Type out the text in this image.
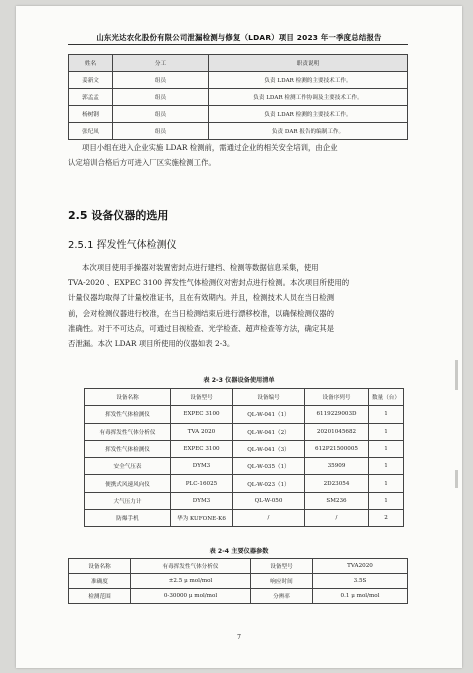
山东光达农化股份有限公司泄漏检测与修复（LDAR）项目 2023 年一季度总结报告
姓名	分工	职责说明
姜新文	组员	负责 LDAR 检测的主要技术工作。
郭孟孟	组员	负责 LDAR 检测工作协调及主要技术工作。
杨树钢	组员	负责 LDAR 检测的主要技术工作。
张纪凤	组员	负责 DAR 报告的编制工作。
项目小组在进入企业实施 LDAR 检测前，需通过企业的相关安全培训，由企业
认定培训合格后方可进入厂区实施检测工作。
2.5 设备仪器的选用
2.5.1 挥发性气体检测仪
本次项目使用手操器对装置密封点进行建档、检测等数据信息采集，使用
TVA-2020 、EXPEC 3100 挥发性气体检测仪对密封点进行检测。本次项目所使用的
计量仪器均取得了计量校准证书，且在有效期内。并且，检测技术人员在当日检测
前，会对检测仪器进行校准，在当日检测结束后进行漂移校准，以确保检测仪器的
准确性。对于不可达点，可通过目视检查、光学检查、超声检查等方法，确定其是
否泄漏。本次 LDAR 项目所使用的仪器如表 2-3。
表 2-3 仪器设备使用清单
设备名称	设备型号	设备编号	设备序列号	数量（台）
挥发性气体检测仪	EXPEC 3100	QL-W-041（1）	6119229003D	1
有毒挥发性气体分析仪	TVA 2020	QL-W-041（2）	20201045682	1
挥发性气体检测仪	EXPEC 3100	QL-W-041（3）	612P21500005	1
安全气压表	DYM3	QL-W-035（1）	35909	1
便携式风速风向仪	PLC-16025	QL-W-023（1）	2D23054	1
大气压力计	DYM3	QL-W-050	SM236	1
防爆手机	华为 KUFONE-K6	/	/	2
表 2-4 主要仪器参数
设备名称	有毒挥发性气体分析仪	设备型号	TVA2020
准确度	±2.5 μ mol/mol	响应时间	3.5S
检测范围	0-30000 μ mol/mol	分辨率	0.1 μ mol/mol
7
